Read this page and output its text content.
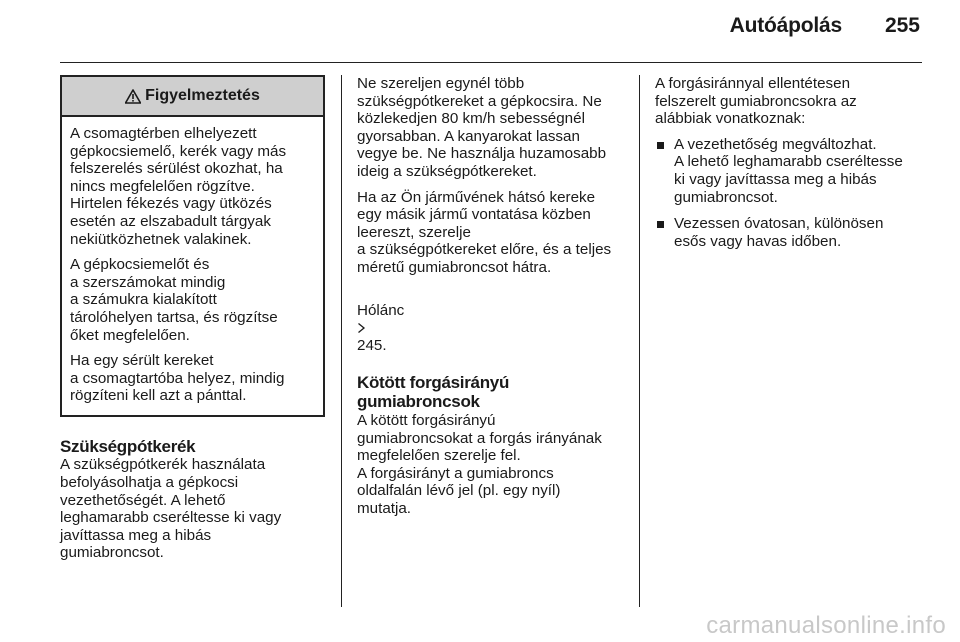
Autóápolás 255
Figyelmeztetés

A csomagtérben elhelyezett
gépkocsiemelő, kerék vagy más
felszerelés sérülést okozhat, ha
nincs megfelelően rögzítve.
Hirtelen fékezés vagy ütközés
esetén az elszabadult tárgyak
nekiütközhetnek valakinek.

A gépkocsiemelőt és
a szerszámokat mindig
a számukra kialakított
tárolóhelyen tartsa, és rögzítse
őket megfelelően.

Ha egy sérült kereket
a csomagtartóba helyez, mindig
rögzíteni kell azt a pánttal.

Szükségpótkerék

A szükségpótkerék használata
befolyásolhatja a gépkocsi
vezethetőségét. A lehető
leghamarabb cseréltesse ki vagy
javíttassa meg a hibás
gumiabroncsot.

Ne szereljen egynél több
szükségpótkereket a gépkocsira. Ne
közlekedjen 80 km/h sebességnél
gyorsabban. A kanyarokat lassan
vegye be. Ne használja huzamosabb
ideig a szükségpótkereket.

Ha az Ön járművének hátsó kereke
egy másik jármű vontatása közben
leereszt, szerelje
a szükségpótkereket előre, és a teljes
méretű gumiabroncsot hátra.

Hólánc

245.

Kötött forgásirányú
gumiabroncsok

A kötött forgásirányú
gumiabroncsokat a forgás irányának
megfelelően szerelje fel.

A forgásirányt a gumiabroncs
oldalfalán lévő jel (pl. egy nyíl)
mutatja.

A forgásiránnyal ellentétesen
felszerelt gumiabroncsokra az
alábbiak vonatkoznak:

A vezethetőség megváltozhat.
A lehető leghamarabb cseréltesse
ki vagy javíttassa meg a hibás
gumiabroncsot.

Vezessen óvatosan, különösen
esős vagy havas időben.

carmanualsonline.info
